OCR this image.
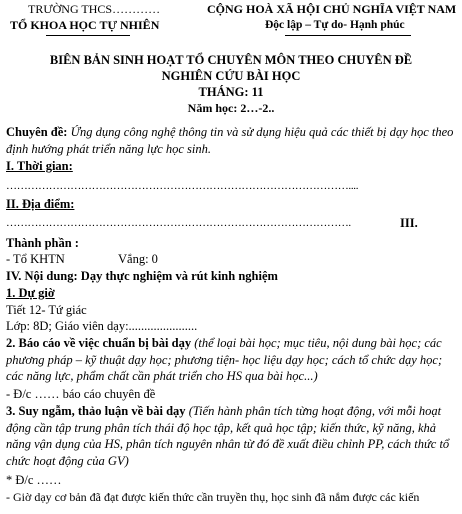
TRƯỜNG THCS…………
TỔ KHOA HỌC TỰ NHIÊN
CỘNG HOÀ XÃ HỘI CHỦ NGHĨA VIỆT NAM
Độc lập – Tự do- Hạnh phúc
BIÊN BẢN SINH HOẠT TỔ CHUYÊN MÔN THEO CHUYÊN ĐỀ
NGHIÊN CỨU BÀI HỌC
THÁNG: 11
Năm học: 2…-2..
Chuyên đề: Ứng dụng công nghệ thông tin và sử dụng hiệu quả các thiết bị dạy học theo định hướng phát triển năng lực học sinh.
I. Thời gian:
……………………………………………………………………………………....
II. Địa điểm:
…………………………………………………………………………………….	III.
Thành phần :
- Tổ KHTN	Vắng: 0
IV. Nội dung: Dạy thực nghiệm và rút kinh nghiệm
1. Dự giờ
Tiết 12- Tứ giác
Lớp: 8D; Giáo viên dạy:......................
2. Báo cáo về việc chuẩn bị bài dạy (thể loại bài học; mục tiêu, nội dung bài học; các phương pháp – kỹ thuật dạy học; phương tiện- học liệu dạy học; cách tổ chức dạy học; các năng lực, phẩm chất cần phát triển cho HS qua bài học...)
- Đ/c …… báo cáo chuyên đề
3. Suy ngẫm, thảo luận về bài dạy (Tiến hành phân tích từng hoạt động, với mỗi hoạt động cần tập trung phân tích thái độ học tập, kết quả học tập; kiến thức, kỹ năng, khả năng vận dụng của HS, phân tích nguyên nhân từ đó đề xuất điều chỉnh PP, cách thức tổ chức hoạt động của GV)
* Đ/c ……
- Giờ dạy cơ bản đã đạt được kiến thức cần truyền thụ, học sinh đã nắm được các kiến
